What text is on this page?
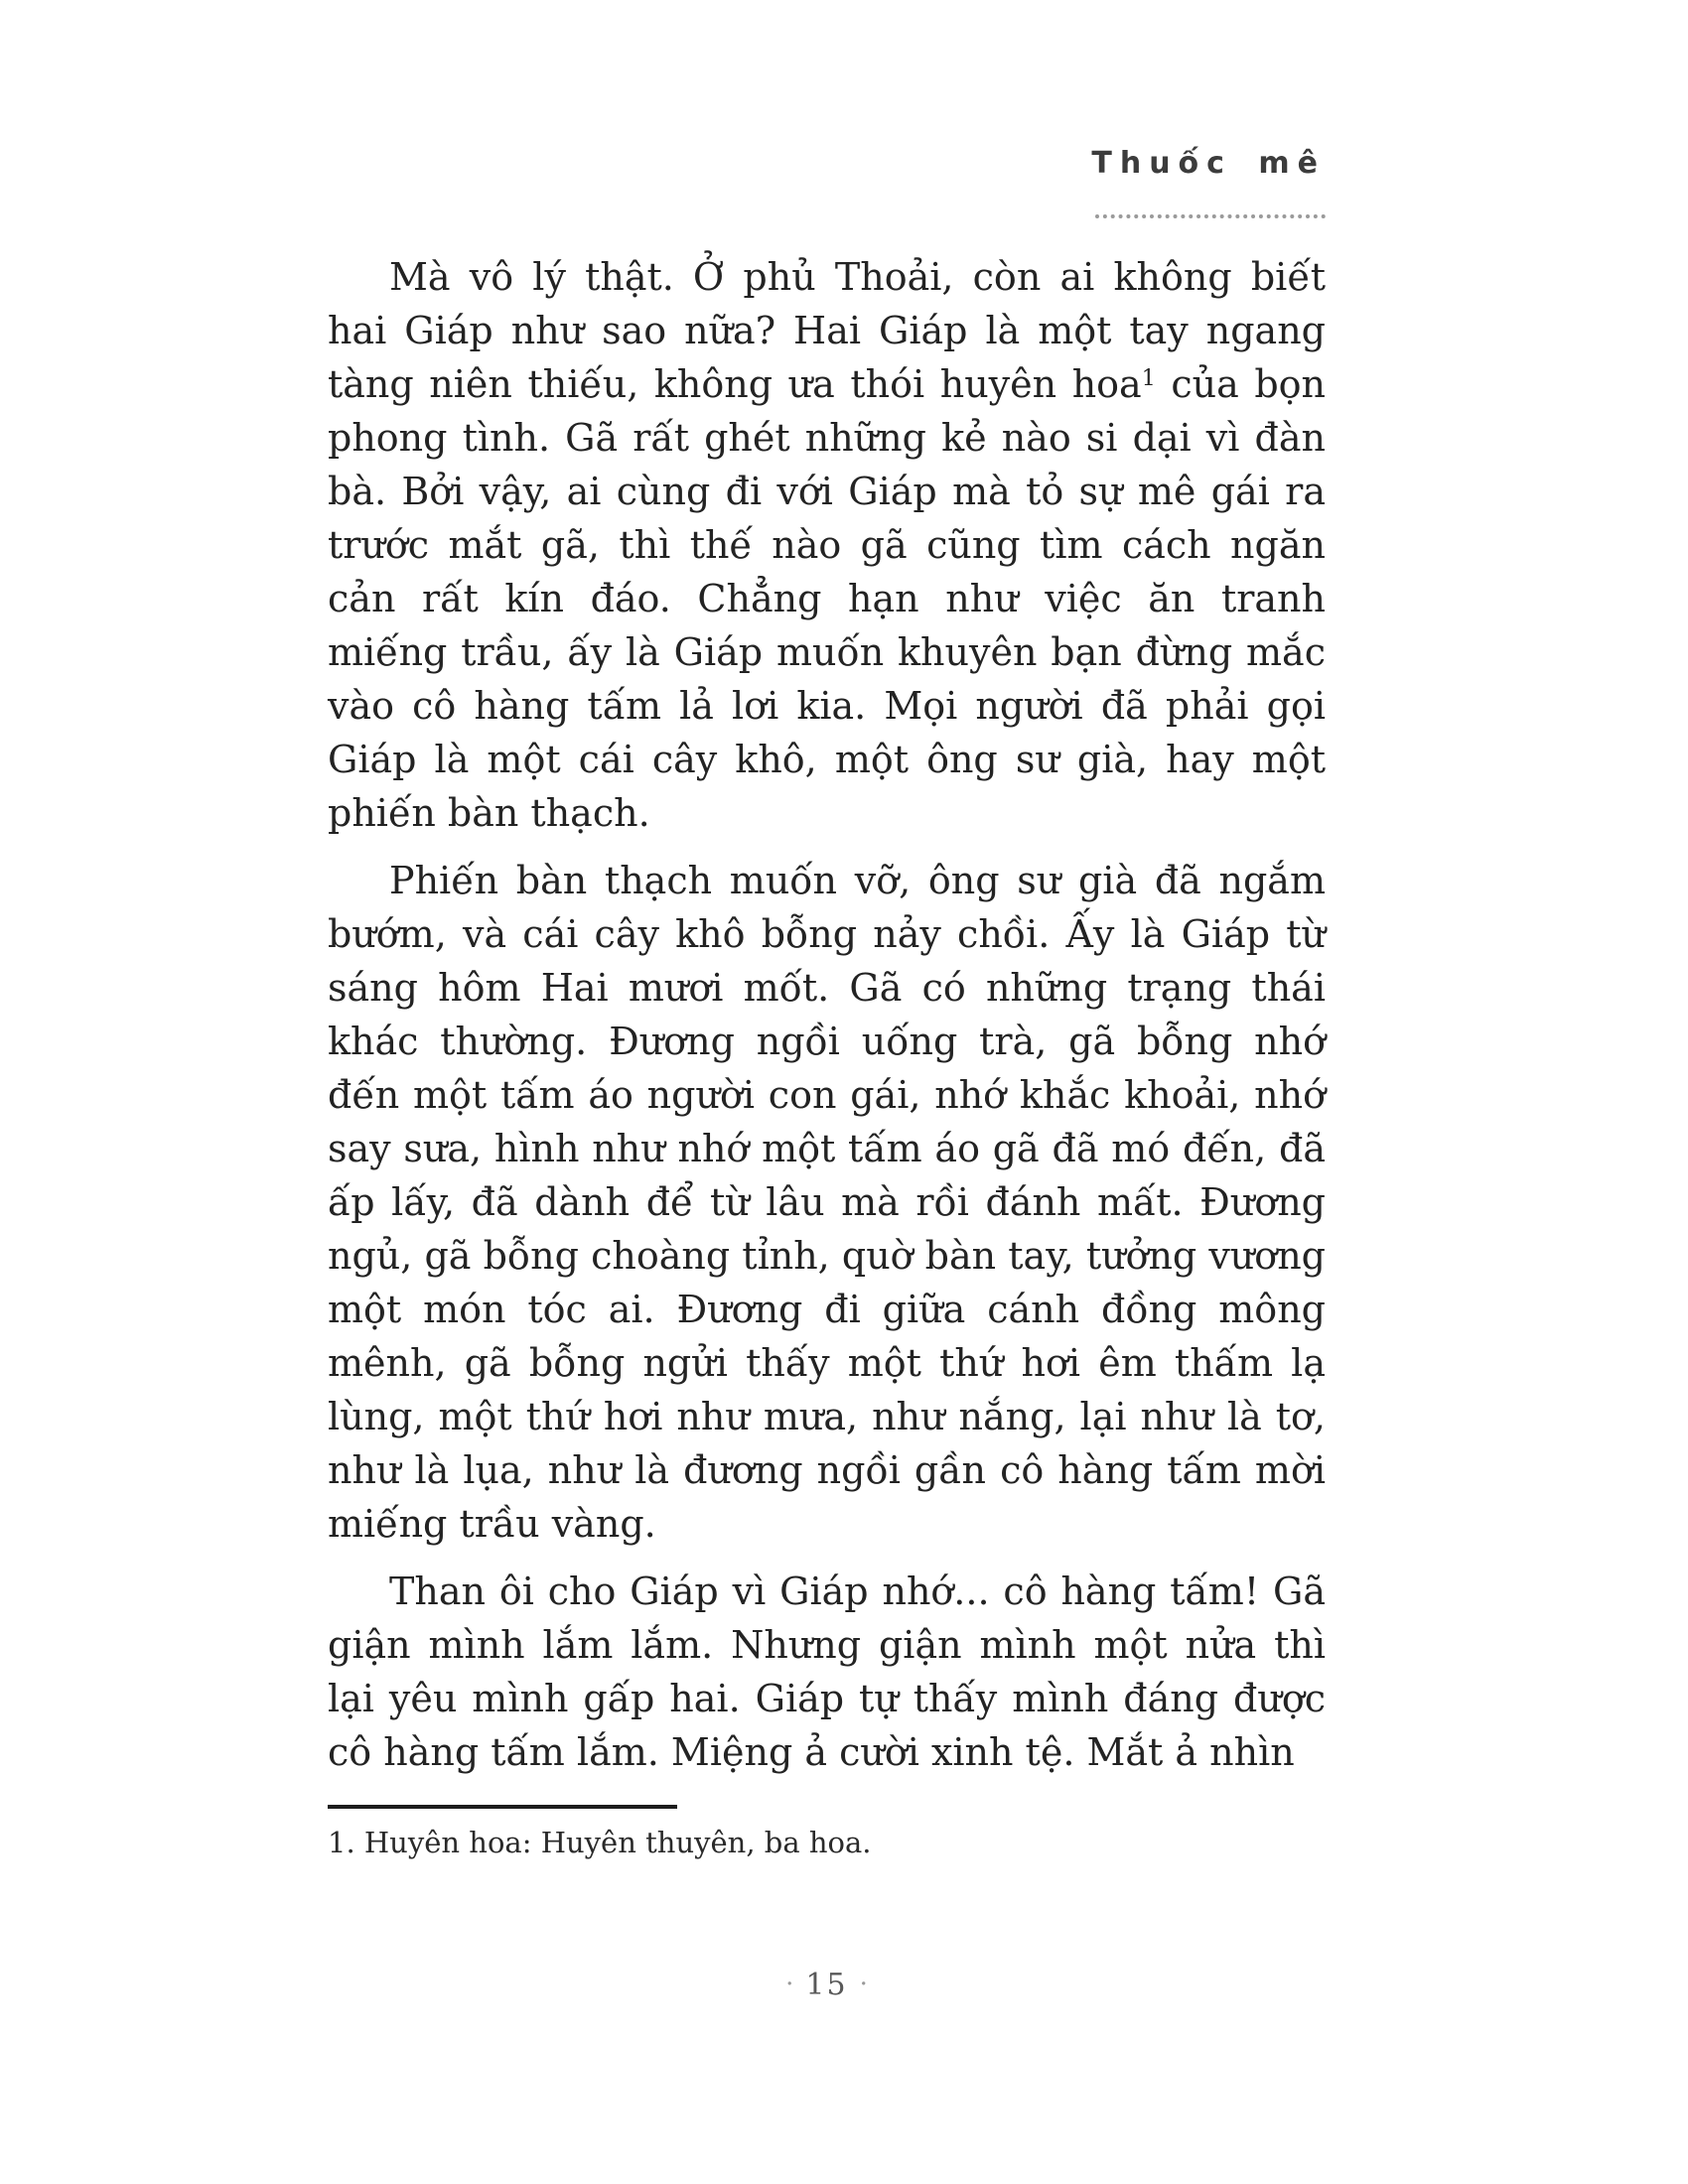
Thuốc mê

Mà vô lý thật. Ở phủ Thoải, còn ai không biết hai Giáp như sao nữa? Hai Giáp là một tay ngang tàng niên thiếu, không ưa thói huyên hoa$^1$ của bọn phong tình. Gã rất ghét những kẻ nào si dại vì đàn bà. Bởi vậy, ai cùng đi với Giáp mà tỏ sự mê gái ra trước mắt gã, thì thế nào gã cũng tìm cách ngăn cản rất kín đáo. Chẳng hạn như việc ăn tranh miếng trầu, ấy là Giáp muốn khuyên bạn đừng mắc vào cô hàng tấm lả lơi kia. Mọi người đã phải gọi Giáp là một cái cây khô, một ông sư già, hay một phiến bàn thạch.

Phiến bàn thạch muốn vỡ, ông sư già đã ngắm bướm, và cái cây khô bỗng nảy chồi. Ấy là Giáp từ sáng hôm Hai mươi mốt. Gã có những trạng thái khác thường. Đương ngồi uống trà, gã bỗng nhớ đến một tấm áo người con gái, nhớ khắc khoải, nhớ say sưa, hình như nhớ một tấm áo gã đã mó đến, đã ấp lấy, đã dành để từ lâu mà rồi đánh mất. Đương ngủ, gã bỗng choàng tỉnh, quờ bàn tay, tưởng vương một món tóc ai. Đương đi giữa cánh đồng mông mênh, gã bỗng ngửi thấy một thứ hơi êm thấm lạ lùng, một thứ hơi như mưa, như nắng, lại như là tơ, như là lụa, như là đương ngồi gần cô hàng tấm mời miếng trầu vàng.

Than ôi cho Giáp vì Giáp nhớ... cô hàng tấm! Gã giận mình lắm lắm. Nhưng giận mình một nửa thì lại yêu mình gấp hai. Giáp tự thấy mình đáng được cô hàng tấm lắm. Miệng ả cười xinh tệ. Mắt ả nhìn

1. Huyên hoa: Huyên thuyên, ba hoa.
· 15 ·
